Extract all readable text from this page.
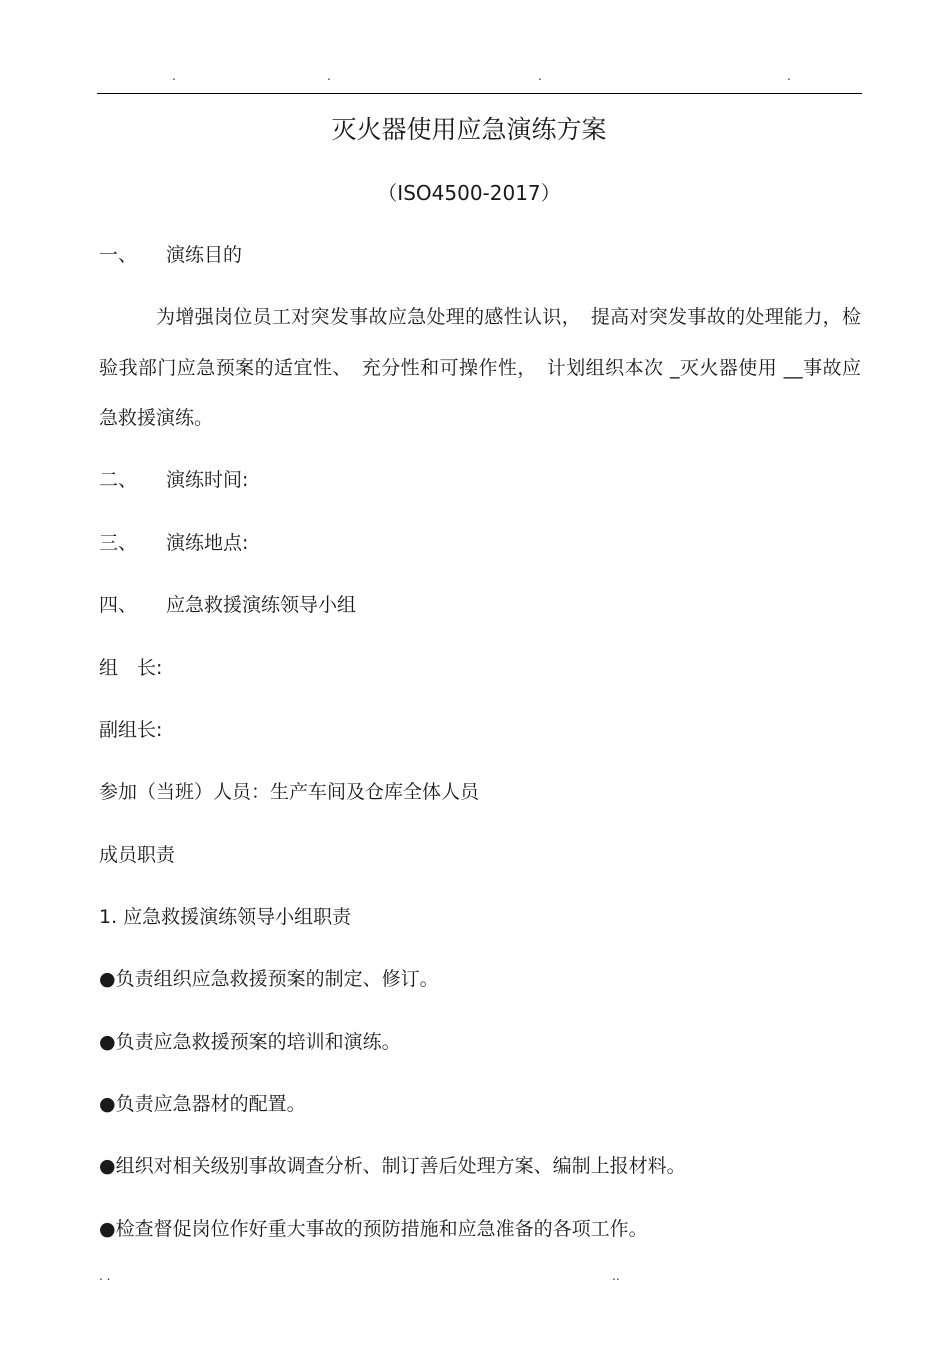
.	.	.	.
灭火器使用应急演练方案
（ISO4500-2017）
一、 演练目的
为增强岗位员工对突发事故应急处理的感性认识，　提高对突发事故的处理能力，检验我部门应急预案的适宜性、　充分性和可操作性，　计划组织本次 _灭火器使用 __事故应急救援演练。
二、 演练时间:
三、 演练地点:
四、 应急救援演练领导小组
组　长:
副组长:
参加（当班）人员：生产车间及仓库全体人员
成员职责
1. 应急救援演练领导小组职责
●负责组织应急救援预案的制定、修订。
●负责应急救援预案的培训和演练。
●负责应急器材的配置。
●组织对相关级别事故调查分析、制订善后处理方案、编制上报材料。
●检查督促岗位作好重大事故的预防措施和应急准备的各项工作。
. .	..
